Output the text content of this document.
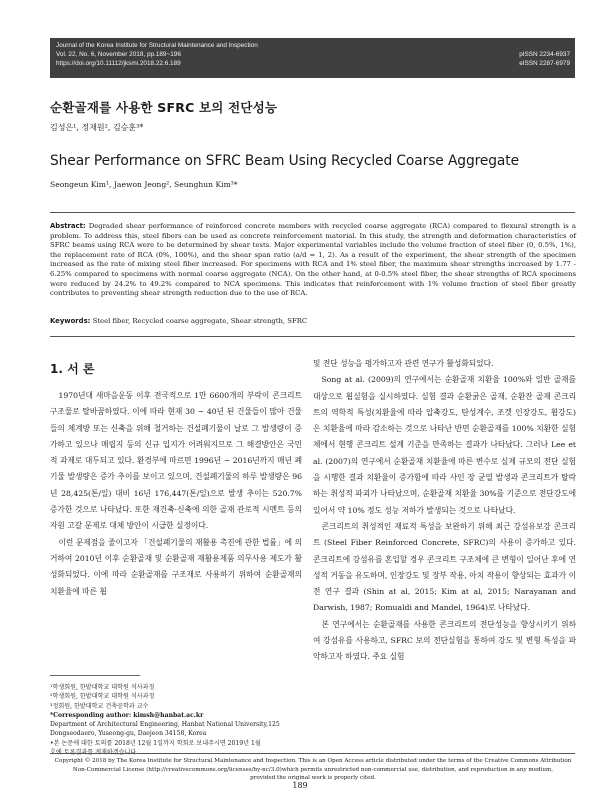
Journal of the Korea Institute for Structural Maintenance and Inspection
Vol. 22, No. 6, November 2018, pp.189~196
https://doi.org/10.11112/jksmi.2018.22.6.189
pISSN 2234-6937
eISSN 2287-6979
순환골재를 사용한 SFRC 보의 전단성능
김성은¹, 정재원², 김승훈³*
Shear Performance on SFRC Beam Using Recycled Coarse Aggregate
Seongeun Kim¹, Jaewon Jeong², Seunghun Kim³*
Abstract: Degraded shear performance of reinforced concrete members with recycled coarse aggregate (RCA) compared to flexural strength is a problem. To address this, steel fibers can be used as concrete reinforcement material. In this study, the strength and deformation characteristics of SFRC beams using RCA were to be determined by shear tests. Major experimental variables include the volume fraction of steel fiber (0, 0.5%, 1%), the replacement rate of RCA (0%, 100%), and the shear span ratio (a/d = 1, 2). As a result of the experiment, the shear strength of the specimen increased as the rate of mixing steel fiber increased. For specimens with RCA and 1% steel fiber, the maximum shear strengths increased by 1.77 - 6.25% compared to specimens with normal coarse aggregate (NCA). On the other hand, at 0-0.5% steel fiber, the shear strengths of RCA specimens were reduced by 24.2% to 49.2% compared to NCA specimens. This indicates that reinforcement with 1% volume fraction of steel fiber greatly contributes to preventing shear strength reduction due to the use of RCA.
Keywords: Steel fiber, Recycled coarse aggregate, Shear strength, SFRC
1. 서 론

1970년대 새마을운동 이후 전국적으로 1만 6600개의 부락이 콘크리트 구조물로 탈바꿈하였다. 이에 따라 현재 30 ~ 40년 된 건물들이 많아 건물들의 체계방 또는 신축을 위해 철거하는 건설폐기물이 날로 그 발생량이 증가하고 있으나 매립지 등의 신규 입지가 어려워지므로 그 해결방안은 국민적 과제로 대두되고 있다. 환경부에 따르면 1996년 ~ 2016년까지 매년 폐기물 발생량은 증가 추이를 보이고 있으며, 건설폐기물의 하루 발생량은 96년 28,425(톤/일) 대비 16년 176,447(톤/일)으로 발생 추이는 520.7% 증가한 것으로 나타났다. 또한 재건축·신축에 의한 골재 관로적 시멘트 등의 자원 고갈 문제로 대체 방안이 시급한 실정이다.

이런 문제점을 줄이고자 「건설폐기물의 재활용 촉진에 관한 법률」에 의거하여 2010년 이후 순환골재 및 순환골재 재활용제품 의무사용 제도가 활성화되었다. 이에 따라 순환골재를 구조재로 사용하기 위하여 순환골재의 치환율에 따른 휨

및 전단 성능을 평가하고자 관련 연구가 활성화되었다.

Song at al. (2009)의 연구에서는 순환골재 치환율 100%와 일반 골재를 대상으로 휨실험을 실시하였다. 실험 결과 순환굵은 골재, 순환잔 골재 콘크리트의 역학적 특성(치환율에 따라 압축강도, 탄성계수, 조겟 인장강도, 휨강도)은 치환율에 따라 감소하는 것으로 나타난 반면 순환골재를 100% 치환한 실험체에서 현행 콘크리트 설계 기준을 만족하는 결과가 나타났다. 그러나 Lee et al. (2007)의 연구에서 순환골재 치환율에 따른 변수로 실제 규모의 전단 실험을 시행한 결과 치환율이 증가함에 따라 사인 장 균열 발생과 콘크리트가 탈락하는 취성적 파괴가 나타났으며, 순환골재 치환율 30%를 기준으로 전단강도에 있어서 약 10% 정도 성능 저하가 발생되는 것으로 나타났다.

콘크리트의 취성적인 재료적 특성을 보완하기 위해 최근 강섬유보강 콘크리트 (Steel Fiber Reinforced Concrete, SFRC)의 사용이 증가하고 있다. 콘크리트에 강섬유를 혼입할 경우 콘크리트 구조체에 큰 변형이 일어난 후에 연성적 거동을 유도하며, 인장강도 및 장부 작용, 아치 작용이 향상되는 효과가 이전 연구 결과 (Shin at al, 2015; Kim at al, 2015; Narayanan and Darwish, 1987; Romualdi and Mandel, 1964)로 나타났다.

본 연구에서는 순환골재를 사용한 콘크리트의 전단성능을 향상시키기 위하여 강섬유를 사용하고, SFRC 보의 전단실험을 통하여 강도 및 변형 특성을 파악하고자 하였다. 주요 실험

¹학생회원, 한밭대학교 대학원 석사과정
²학생회원, 한밭대학교 대학원 석사과정
³정회원, 한밭대학교 건축공학과 교수
*Corresponding author: kimsh@hanbat.ac.kr
Department of Architectural Engineering, Hanbat National University,125
Dongseodaero, Yuseong-gu, Daejeon 34158, Korea
•본 논문에 대한 토의를 2018년 12월 1일까지 학회로 보내주시면 2019년 1월
Copyright © 2018 by The Korea Institute for Structural Maintenance and Inspection. This is an Open Access article distributed under the terms of the Creative Commons Attribution
Non-Commercial License (http://creativecommons.org/licenses/by-nc/3.0)which permits unrestricted non-commercial use, distribution, and reproduction in any medium,
provided the original work is properly cited.
189
